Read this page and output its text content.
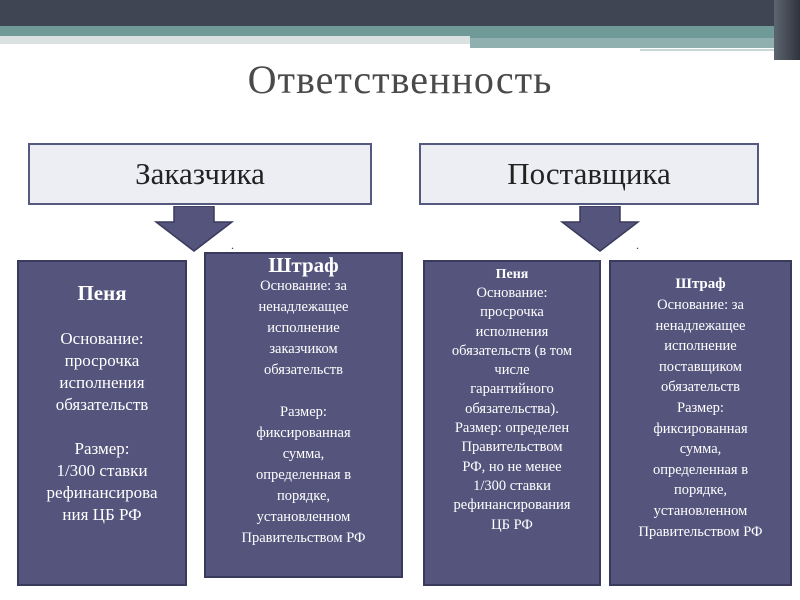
Ответственность
Заказчика	Поставщика
.	.
Пеня
Основание:
просрочка
исполнения
обязательств
Размер:
1/300 ставки
рефинансирова
ния ЦБ РФ
Штраф
Основание: за
ненадлежащее
исполнение
заказчиком
обязательств
Размер:
фиксированная
сумма,
определенная в
порядке,
установленном
Правительством РФ
Пеня
Основание:
просрочка
исполнения
обязательств (в том
числе
гарантийного
обязательства).
Размер: определен
Правительством
РФ, но не менее
1/300 ставки
рефинансирования
ЦБ РФ
Штраф
Основание: за
ненадлежащее
исполнение
поставщиком
обязательств
Размер:
фиксированная
сумма,
определенная в
порядке,
установленном
Правительством РФ
